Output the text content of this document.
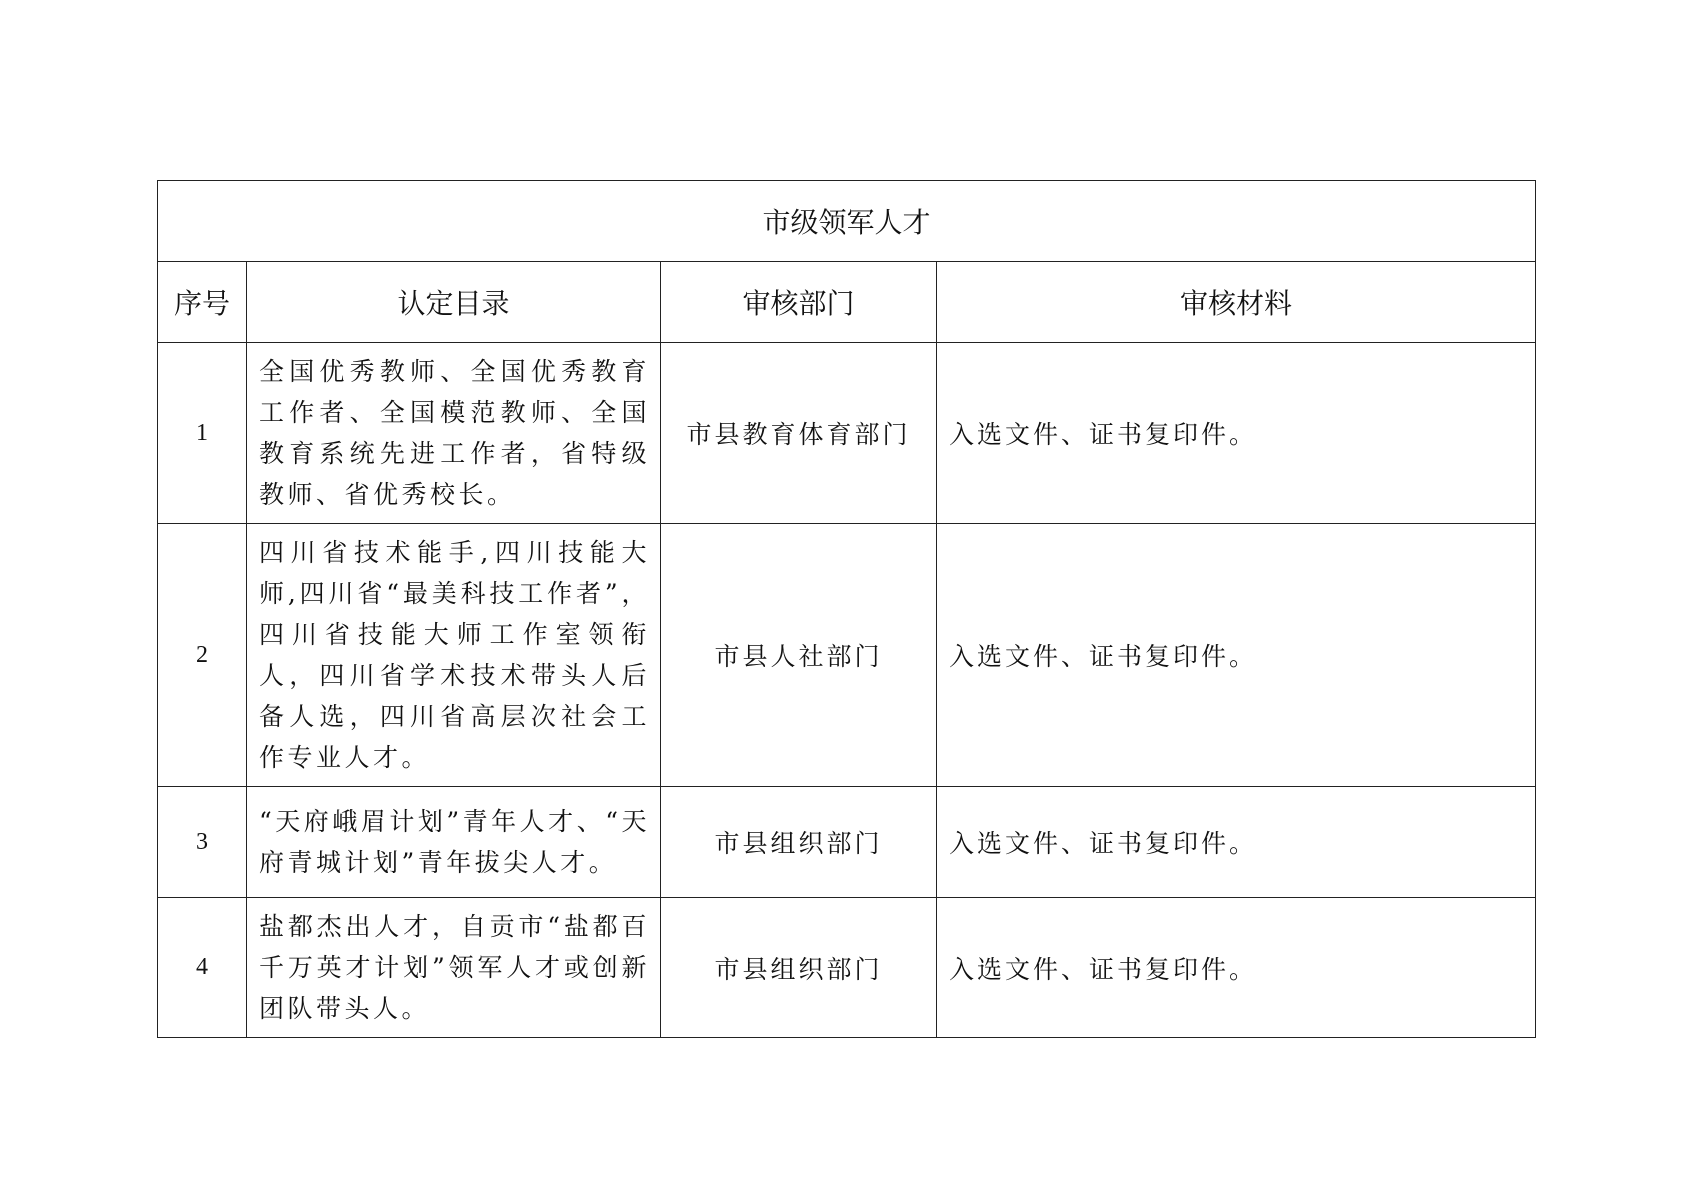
市级领军人才			
序号	认定目录	审核部门	审核材料
1	全国优秀教师、全国优秀教育工作者、全国模范教师、全国教育系统先进工作者，省特级教师、省优秀校长。	市县教育体育部门	入选文件、证书复印件。
2	四川省技术能手,四川技能大师,四川省“最美科技工作者”，四川省技能大师工作室领衔人，四川省学术技术带头人后备人选，四川省高层次社会工作专业人才。	市县人社部门	入选文件、证书复印件。
3	“天府峨眉计划”青年人才、“天府青城计划”青年拔尖人才。	市县组织部门	入选文件、证书复印件。
4	盐都杰出人才，自贡市“盐都百千万英才计划”领军人才或创新团队带头人。	市县组织部门	入选文件、证书复印件。
